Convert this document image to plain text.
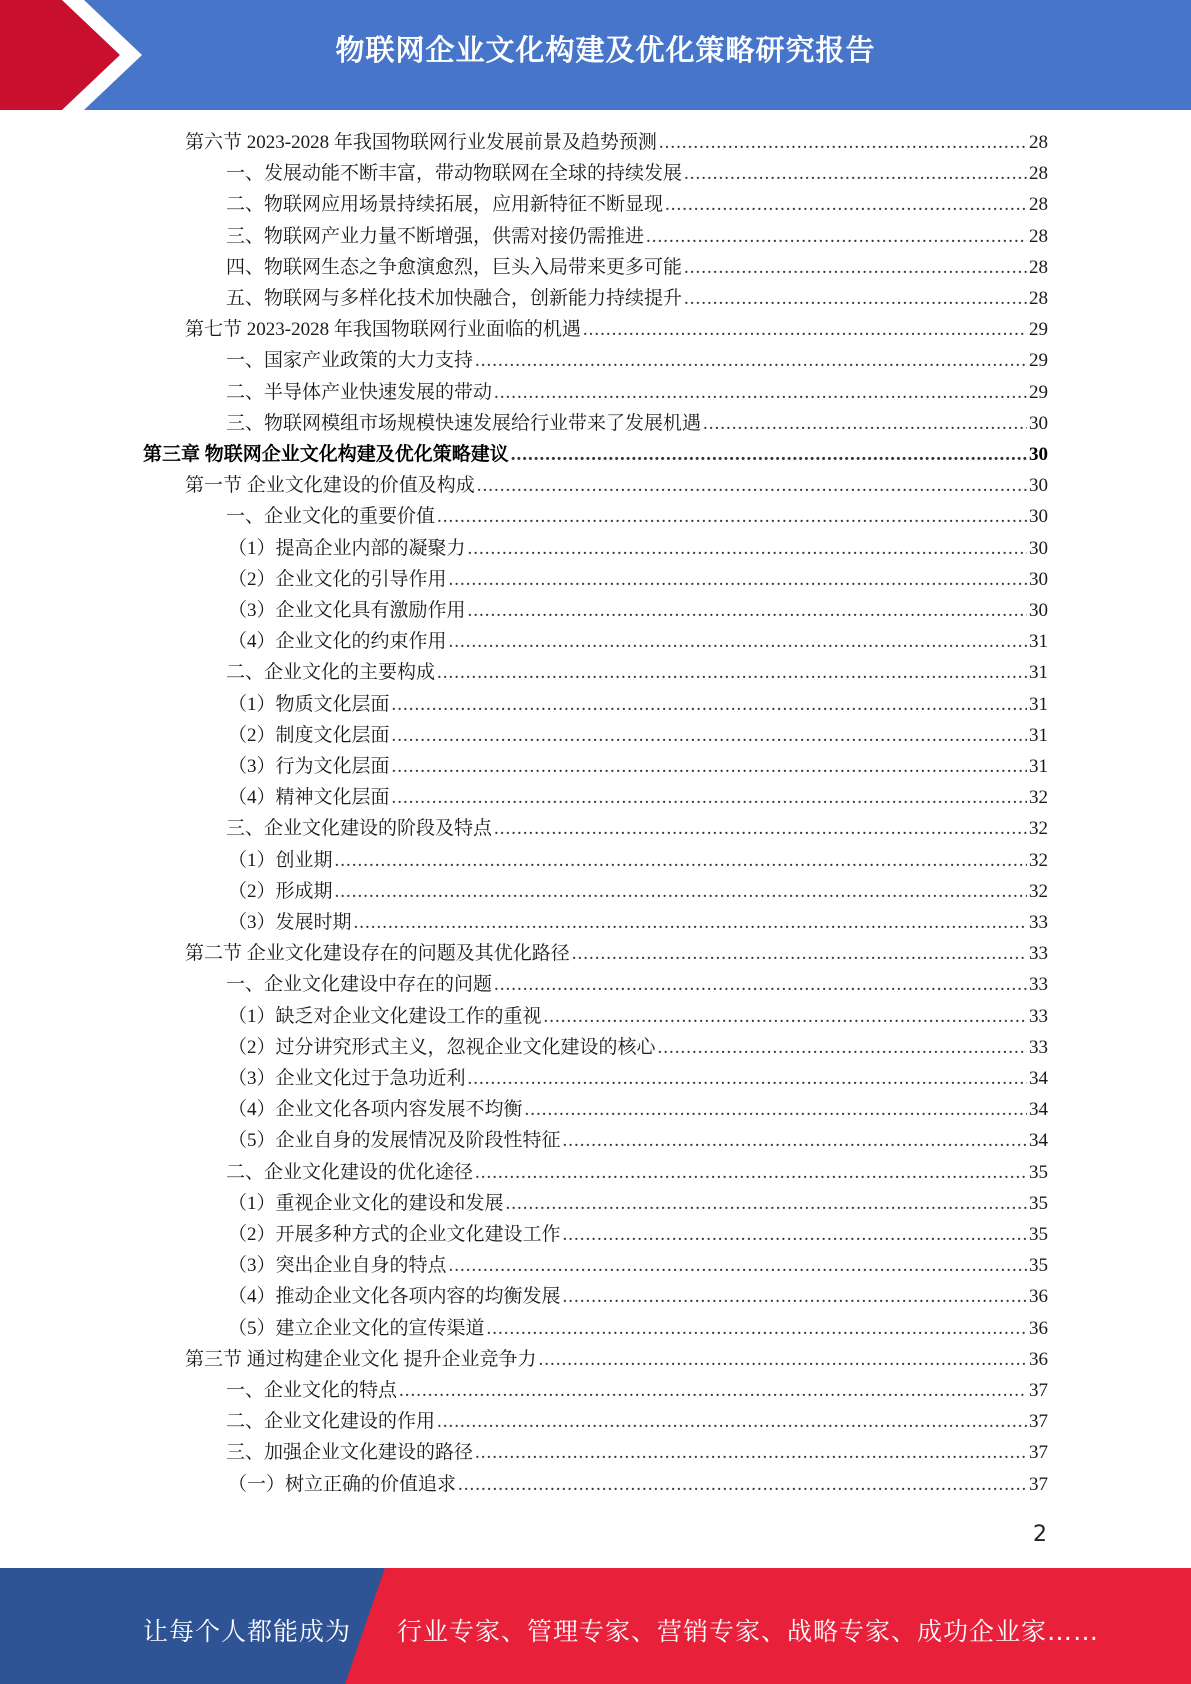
物联网企业文化构建及优化策略研究报告
第六节 2023-2028 年我国物联网行业发展前景及趋势预测 .....	28
一、发展动能不断丰富，带动物联网在全球的持续发展 .....	28
二、物联网应用场景持续拓展，应用新特征不断显现 .....	28
三、物联网产业力量不断增强，供需对接仍需推进 .....	28
四、物联网生态之争愈演愈烈，巨头入局带来更多可能 .....	28
五、物联网与多样化技术加快融合，创新能力持续提升 .....	28
第七节 2023-2028 年我国物联网行业面临的机遇 .....	29
一、国家产业政策的大力支持 .....	29
二、半导体产业快速发展的带动 .....	29
三、物联网模组市场规模快速发展给行业带来了发展机遇 .....	30
第三章 物联网企业文化构建及优化策略建议 .....	30
第一节 企业文化建设的价值及构成 .....	30
一、企业文化的重要价值 .....	30
（1）提高企业内部的凝聚力 .....	30
（2）企业文化的引导作用 .....	30
（3）企业文化具有激励作用 .....	30
（4）企业文化的约束作用 .....	31
二、企业文化的主要构成 .....	31
（1）物质文化层面 .....	31
（2）制度文化层面 .....	31
（3）行为文化层面 .....	31
（4）精神文化层面 .....	32
三、企业文化建设的阶段及特点 .....	32
（1）创业期 .....	32
（2）形成期 .....	32
（3）发展时期 .....	33
第二节 企业文化建设存在的问题及其优化路径 .....	33
一、企业文化建设中存在的问题 .....	33
（1）缺乏对企业文化建设工作的重视 .....	33
（2）过分讲究形式主义，忽视企业文化建设的核心 .....	33
（3）企业文化过于急功近利 .....	34
（4）企业文化各项内容发展不均衡 .....	34
（5）企业自身的发展情况及阶段性特征 .....	34
二、企业文化建设的优化途径 .....	35
（1）重视企业文化的建设和发展 .....	35
（2）开展多种方式的企业文化建设工作 .....	35
（3）突出企业自身的特点 .....	35
（4）推动企业文化各项内容的均衡发展 .....	36
（5）建立企业文化的宣传渠道 .....	36
第三节 通过构建企业文化 提升企业竞争力 .....	36
一、企业文化的特点 .....	37
二、企业文化建设的作用 .....	37
三、加强企业文化建设的路径 .....	37
（一）树立正确的价值追求 .....	37
2
让每个人都能成为 行业专家、管理专家、营销专家、战略专家、成功企业家……
